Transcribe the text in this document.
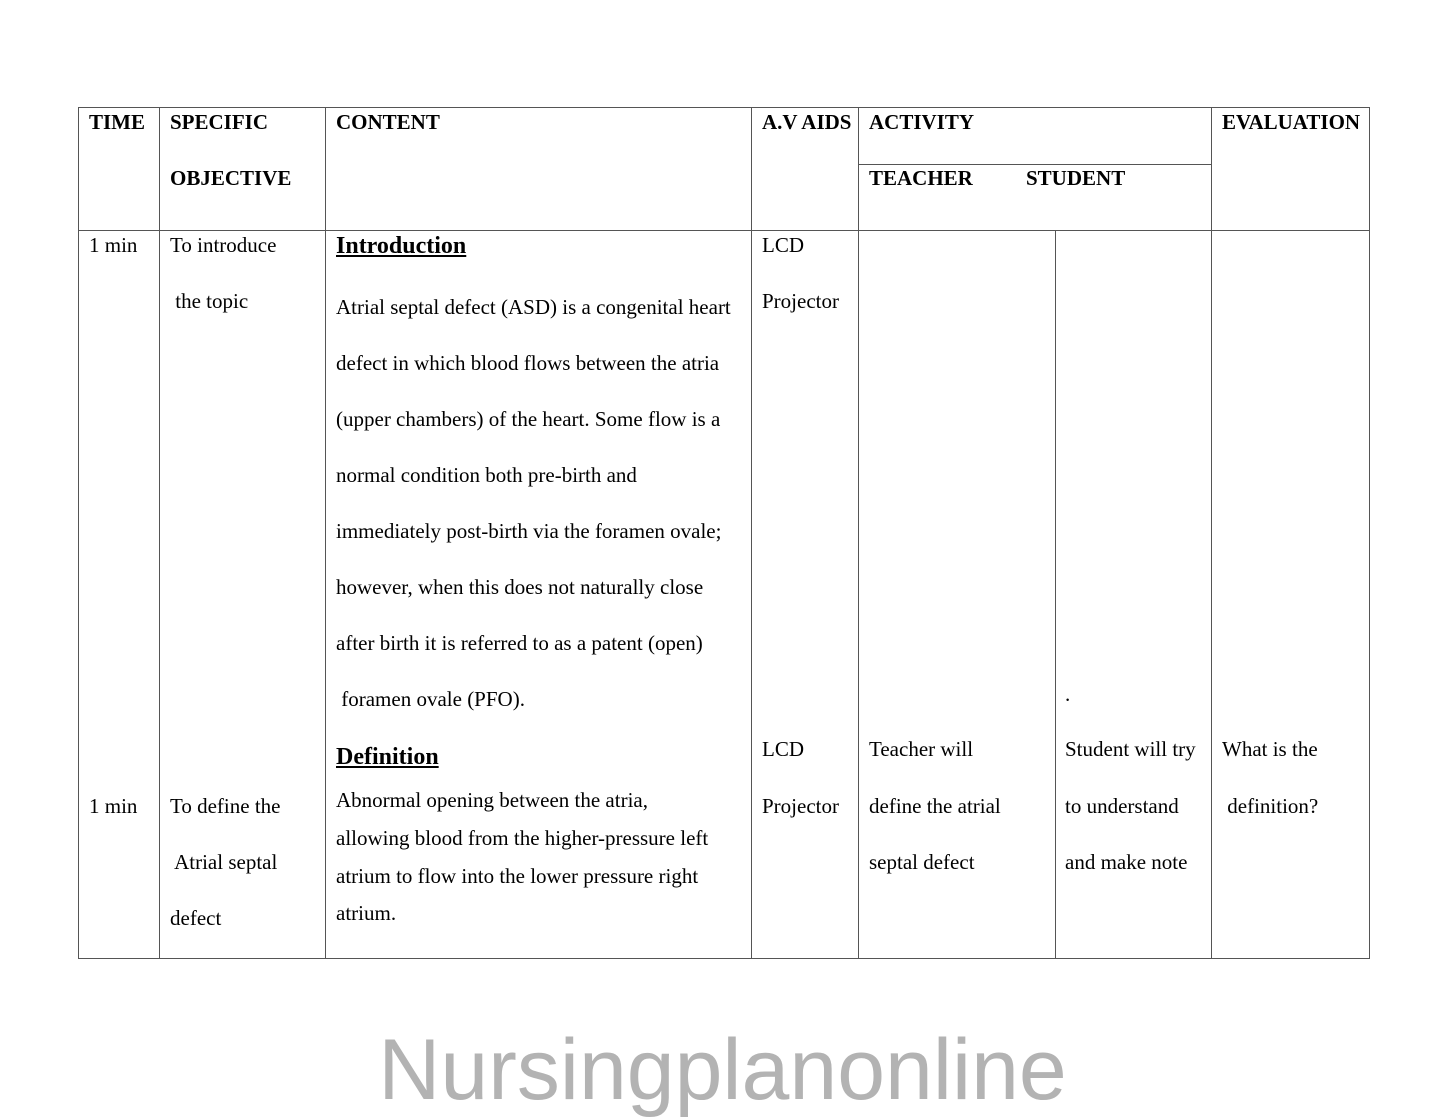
TIME SPECIFIC
OBJECTIVE
CONTENT	A.V AIDS ACTIVITY
TEACHER	STUDENT
EVALUATION
1 min To introduce
the topic
Introduction
Atrial septal defect (ASD) is a congenital heart
defect in which blood flows between the atria
(upper chambers) of the heart. Some flow is a
normal condition both pre-birth and
immediately post-birth via the foramen ovale;
however, when this does not naturally close
after birth it is referred to as a patent (open)
foramen ovale (PFO).
LCD
Projector
.
Definition
Abnormal opening between the atria,
allowing blood from the higher-pressure left
atrium to flow into the lower pressure right
atrium.
1 min To define the
Atrial septal
defect
LCD
Projector
Teacher will
define the atrial
septal defect
Student will try
to understand
and make note
What is the
definition?
Nursingplanonline
